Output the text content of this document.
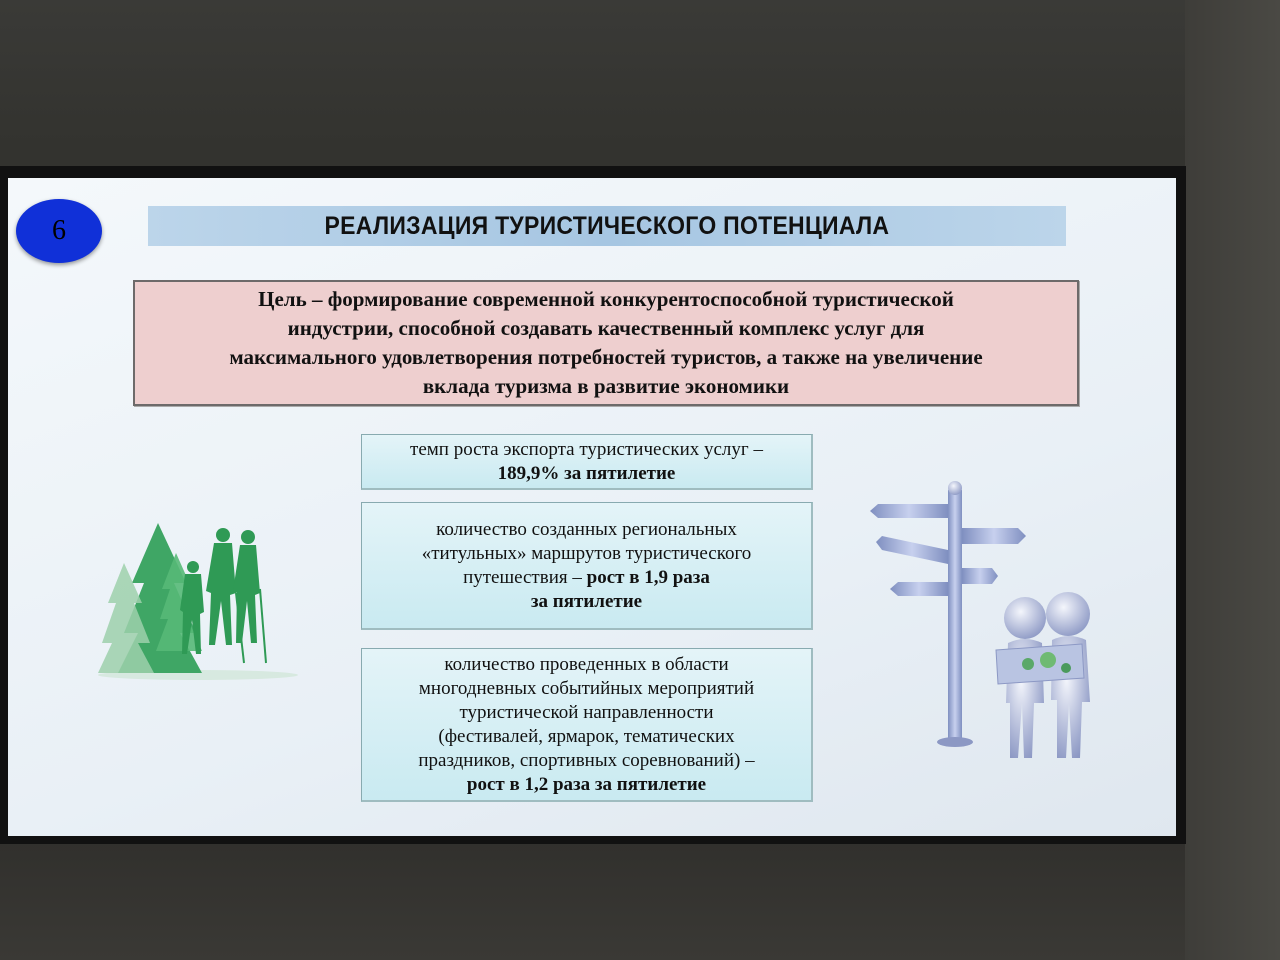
6	РЕАЛИЗАЦИЯ ТУРИСТИЧЕСКОГО ПОТЕНЦИАЛА
Цель – формирование современной конкурентоспособной туристической
индустрии, способной создавать качественный комплекс услуг для
максимального удовлетворения потребностей туристов, а также на увеличение
вклада туризма в развитие экономики
темп роста экспорта туристических услуг –
189,9% за пятилетие
количество созданных региональных
«титульных» маршрутов туристического
путешествия – рост в 1,9 раза
за пятилетие
количество проведенных в области
многодневных событийных мероприятий
туристической направленности
(фестивалей, ярмарок, тематических
праздников, спортивных соревнований) –
рост в 1,2 раза за пятилетие
